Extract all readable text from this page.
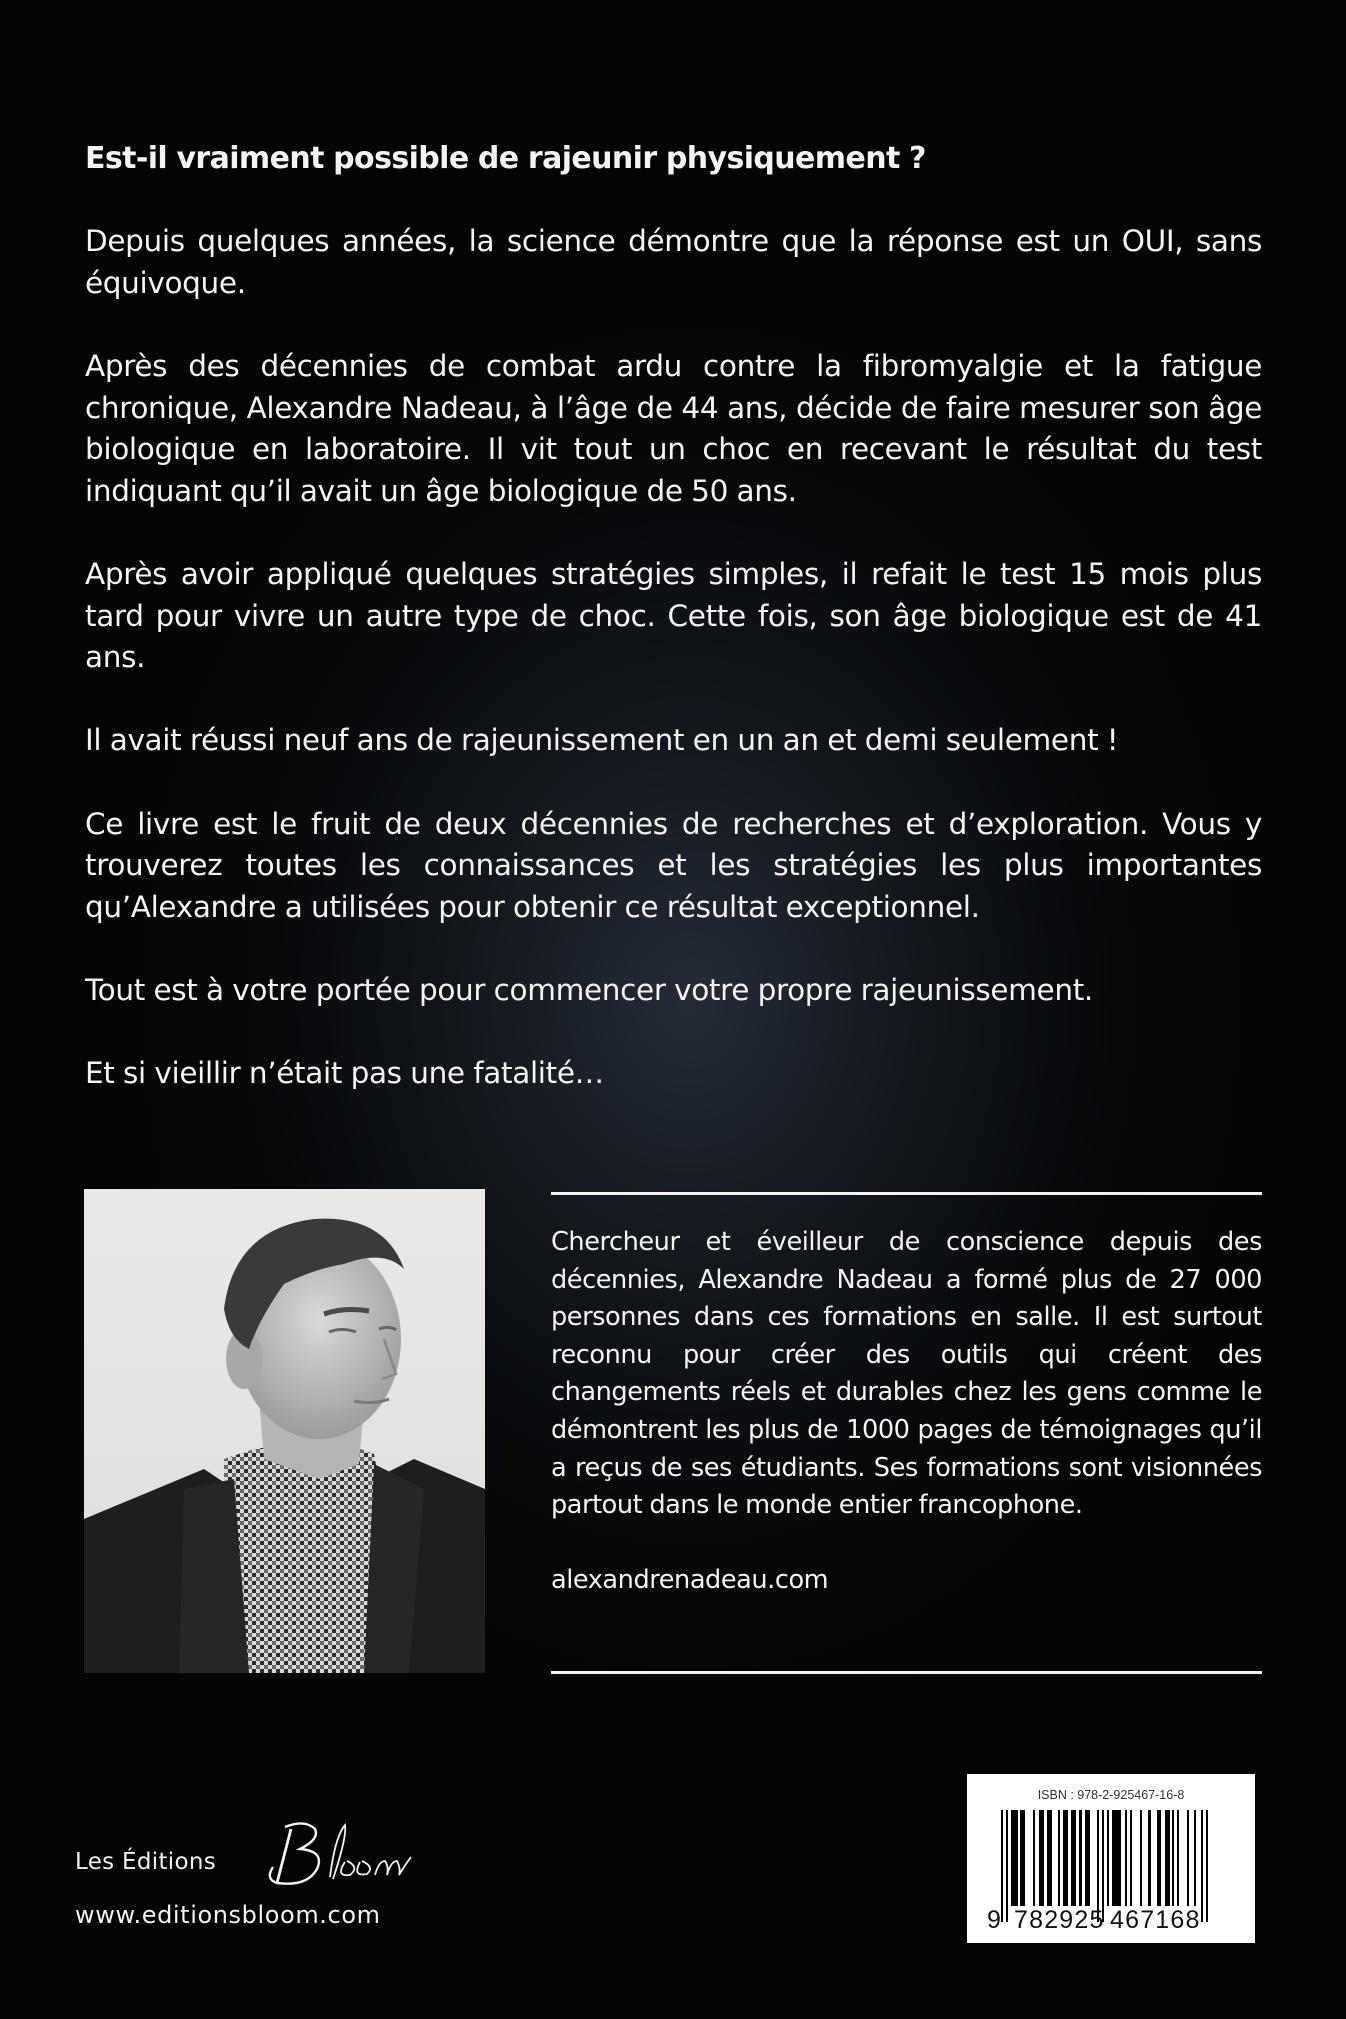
Est-il vraiment possible de rajeunir physiquement ?

Depuis quelques années, la science démontre que la réponse est un OUI, sans équivoque.

Après des décennies de combat ardu contre la fibromyalgie et la fatigue chronique, Alexandre Nadeau, à l’âge de 44 ans, décide de faire mesurer son âge biologique en laboratoire. Il vit tout un choc en recevant le résultat du test indiquant qu’il avait un âge biologique de 50 ans.

Après avoir appliqué quelques stratégies simples, il refait le test 15 mois plus tard pour vivre un autre type de choc. Cette fois, son âge biologique est de 41 ans.

Il avait réussi neuf ans de rajeunissement en un an et demi seulement !

Ce livre est le fruit de deux décennies de recherches et d’exploration. Vous y trouverez toutes les connaissances et les stratégies les plus importantes qu’Alexandre a utilisées pour obtenir ce résultat exceptionnel.

Tout est à votre portée pour commencer votre propre rajeunissement.

Et si vieillir n’était pas une fatalité…

Chercheur et éveilleur de conscience depuis des décennies, Alexandre Nadeau a formé plus de 27 000 personnes dans ces formations en salle. Il est surtout reconnu pour créer des outils qui créent des changements réels et durables chez les gens comme le démontrent les plus de 1000 pages de témoignages qu’il a reçus de ses étudiants. Ses formations sont visionnées partout dans le monde entier francophone.

alexandrenadeau.com

Les Éditions
www.editionsbloom.com
ISBN : 978-2-925467-16-8
9 782925 467168
